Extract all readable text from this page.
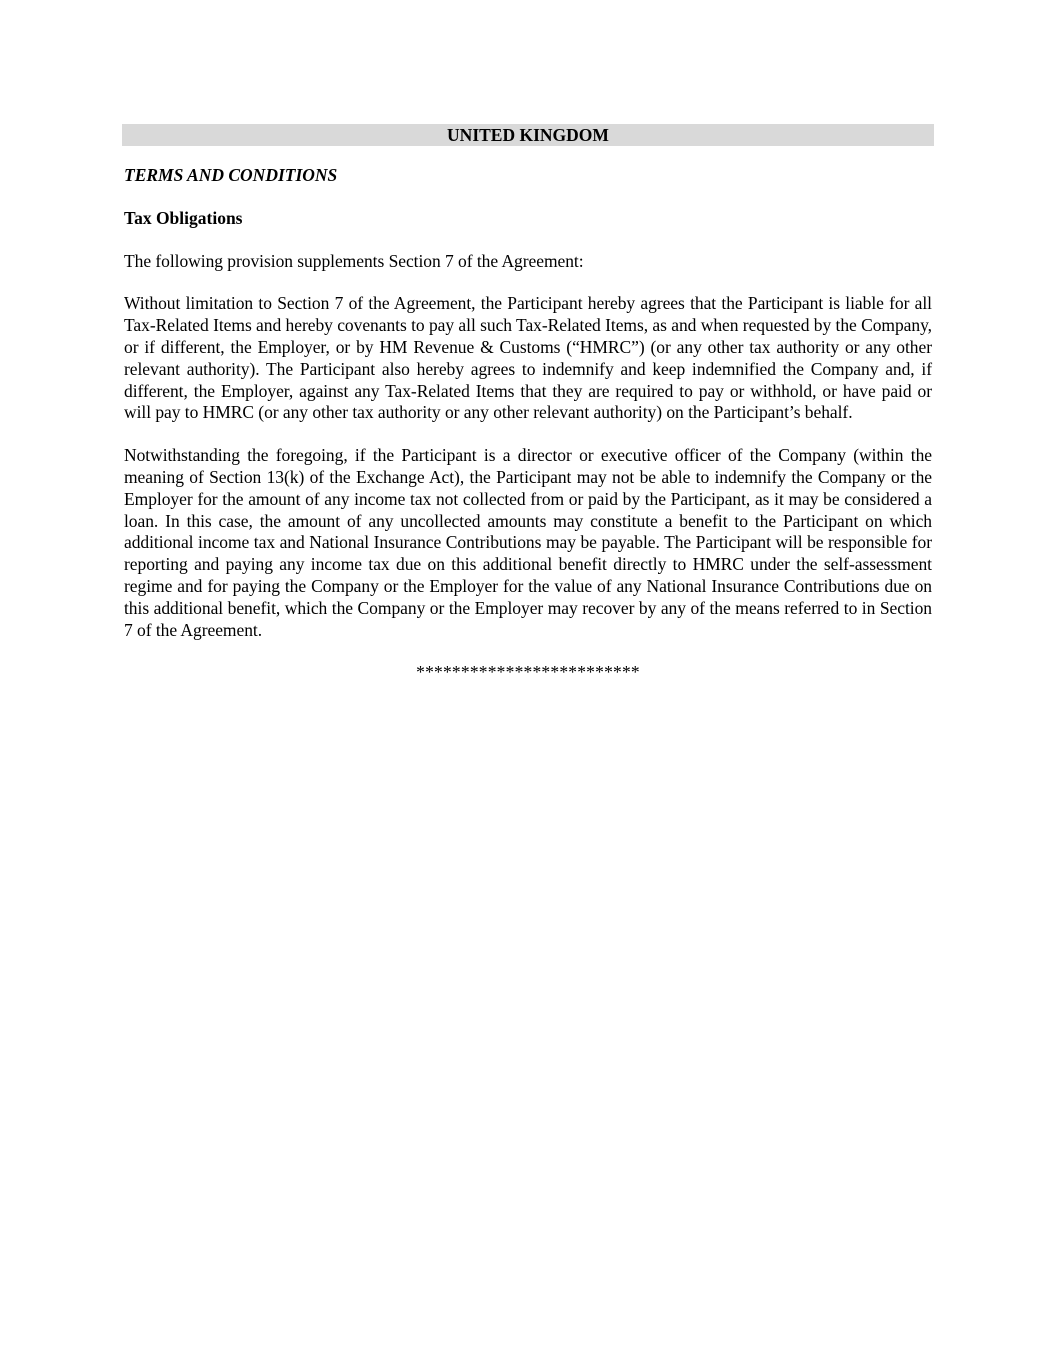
UNITED KINGDOM

TERMS AND CONDITIONS

Tax Obligations

The following provision supplements Section 7 of the Agreement:

Without limitation to Section 7 of the Agreement, the Participant hereby agrees that the Participant is liable for all Tax-Related Items and hereby covenants to pay all such Tax-Related Items, as and when requested by the Company, or if different, the Employer, or by HM Revenue & Customs (“HMRC”) (or any other tax authority or any other relevant authority). The Participant also hereby agrees to indemnify and keep indemnified the Company and, if different, the Employer, against any Tax-Related Items that they are required to pay or withhold, or have paid or will pay to HMRC (or any other tax authority or any other relevant authority) on the Participant’s behalf.

Notwithstanding the foregoing, if the Participant is a director or executive officer of the Company (within the meaning of Section 13(k) of the Exchange Act), the Participant may not be able to indemnify the Company or the Employer for the amount of any income tax not collected from or paid by the Participant, as it may be considered a loan. In this case, the amount of any uncollected amounts may constitute a benefit to the Participant on which additional income tax and National Insurance Contributions may be payable. The Participant will be responsible for reporting and paying any income tax due on this additional benefit directly to HMRC under the self-assessment regime and for paying the Company or the Employer for the value of any National Insurance Contributions due on this additional benefit, which the Company or the Employer may recover by any of the means referred to in Section 7 of the Agreement.

*************************
